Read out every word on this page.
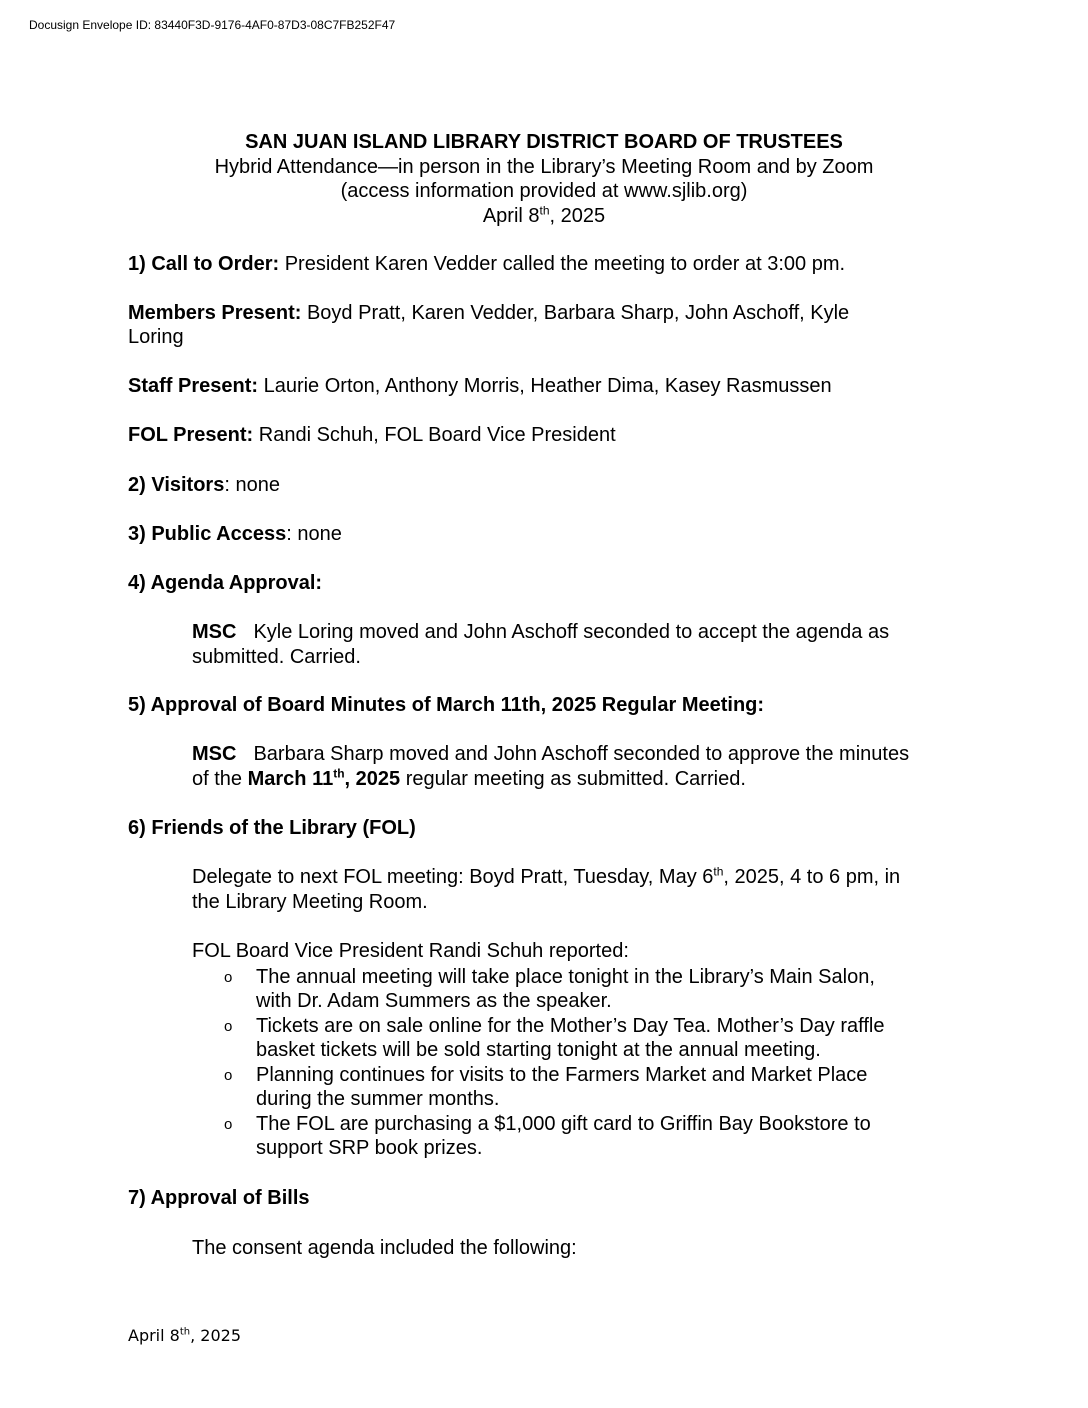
Docusign Envelope ID: 83440F3D-9176-4AF0-87D3-08C7FB252F47
SAN JUAN ISLAND LIBRARY DISTRICT BOARD OF TRUSTEES
Hybrid Attendance—in person in the Library’s Meeting Room and by Zoom
(access information provided at www.sjlib.org)
April 8th, 2025
1) Call to Order: President Karen Vedder called the meeting to order at 3:00 pm.
Members Present: Boyd Pratt, Karen Vedder, Barbara Sharp, John Aschoff, Kyle
Loring
Staff Present: Laurie Orton, Anthony Morris, Heather Dima, Kasey Rasmussen
FOL Present: Randi Schuh, FOL Board Vice President
2) Visitors: none
3) Public Access: none
4) Agenda Approval:
MSC Kyle Loring moved and John Aschoff seconded to accept the agenda as
submitted. Carried.
5) Approval of Board Minutes of March 11th, 2025 Regular Meeting:
MSC Barbara Sharp moved and John Aschoff seconded to approve the minutes
of the March 11th, 2025 regular meeting as submitted. Carried.
6) Friends of the Library (FOL)
Delegate to next FOL meeting: Boyd Pratt, Tuesday, May 6th, 2025, 4 to 6 pm, in
the Library Meeting Room.
FOL Board Vice President Randi Schuh reported:
o The annual meeting will take place tonight in the Library’s Main Salon,
with Dr. Adam Summers as the speaker.
o Tickets are on sale online for the Mother’s Day Tea. Mother’s Day raffle
basket tickets will be sold starting tonight at the annual meeting.
o Planning continues for visits to the Farmers Market and Market Place
during the summer months.
o The FOL are purchasing a $1,000 gift card to Griffin Bay Bookstore to
support SRP book prizes.
7) Approval of Bills
The consent agenda included the following:
April 8th, 2025
